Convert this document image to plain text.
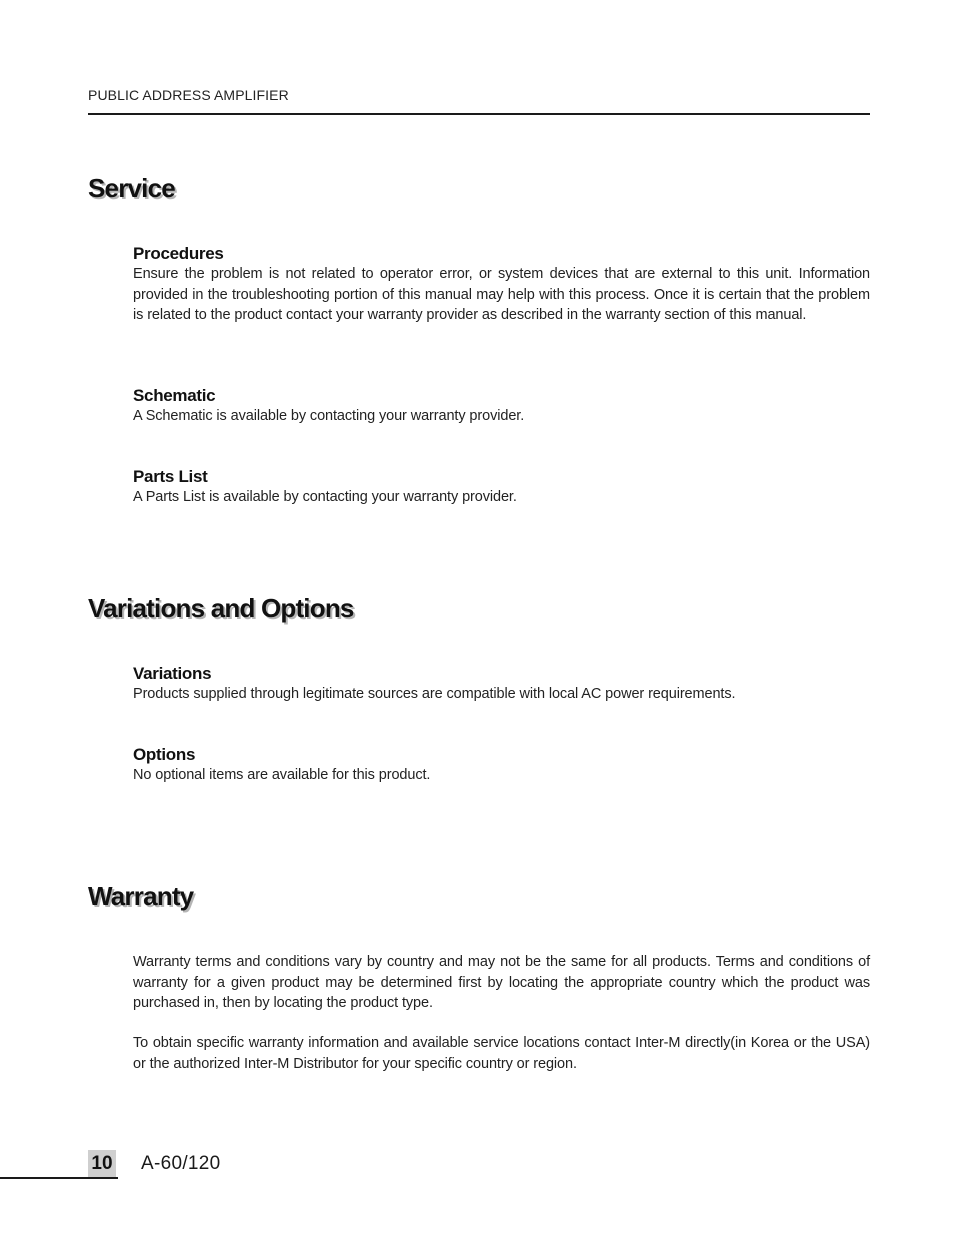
PUBLIC ADDRESS AMPLIFIER
Service
Procedures

Ensure the problem is not related to operator error, or system devices that are external to this unit. Information provided in the troubleshooting portion of this manual may help with this process. Once it is certain that the problem is related to the product contact your warranty provider as described in the warranty section of this manual.

Schematic

A Schematic is available by contacting your warranty provider.

Parts List

A Parts List is available by contacting your warranty provider.

Variations and Options
Variations

Products supplied through legitimate sources are compatible with local AC power requirements.

Options

No optional items are available for this product.

Warranty

Warranty terms and conditions vary by country and may not be the same for all products. Terms and conditions of warranty for a given product may be determined first by locating the appropriate country which the product was purchased in, then by locating the product type.

To obtain specific warranty information and available service locations contact Inter-M directly(in Korea or the USA) or the authorized Inter-M Distributor for your specific country or region.

10 A-60/120
